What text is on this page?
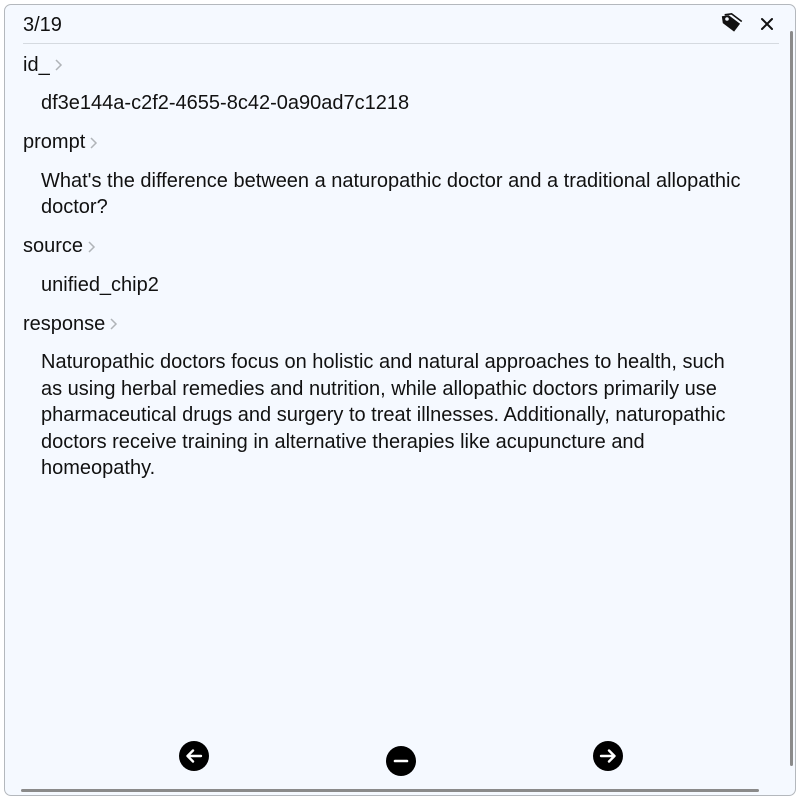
3/19
id_
df3e144a-c2f2-4655-8c42-0a90ad7c1218
prompt
What's the difference between a naturopathic doctor and a traditional allopathic doctor?
source
unified_chip2
response
Naturopathic doctors focus on holistic and natural approaches to health, such as using herbal remedies and nutrition, while allopathic doctors primarily use pharmaceutical drugs and surgery to treat illnesses. Additionally, naturopathic doctors receive training in alternative therapies like acupuncture and homeopathy.
